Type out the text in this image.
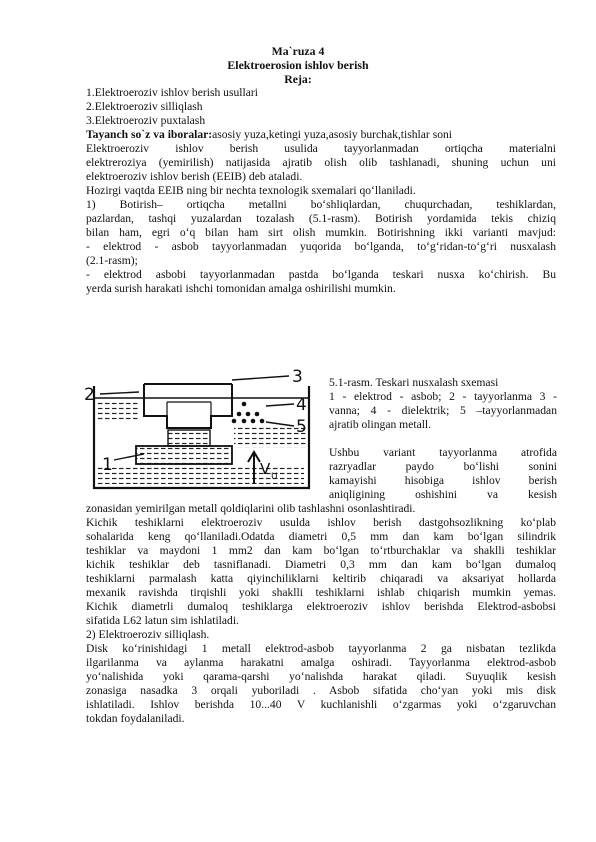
Ma`ruza 4
Elektroerosion ishlov berish
Reja:
1.Elektroeroziv ishlov berish usullari
2.Elektroeroziv silliqlash
3.Elektroeroziv puxtalash
Tayanch so`z va iboralar:asosiy yuza,ketingi yuza,asosiy burchak,tishlar soni
Elektroeroziv ishlov berish usulida tayyorlanmadan ortiqcha materialni
elektreroziya (yemirilish) natijasida ajratib olish olib tashlanadi, shuning uchun uni
elektroeroziv ishlov berish (EEIB) deb ataladi.
Hozirgi vaqtda EEIB ning bir nechta texnologik sxemalari qo‘llaniladi.
1) Botirish– ortiqcha metallni bo‘shliqlardan, chuqurchadan, teshiklardan,
pazlardan, tashqi yuzalardan tozalash (5.1-rasm). Botirish yordamida tekis chiziq
bilan ham, egri o‘q bilan ham sirt olish mumkin. Botirishning ikki varianti mavjud:
- elektrod - asbob tayyorlanmadan yuqorida bo‘lganda, to‘g‘ridan-to‘g‘ri nusxalash
(2.1-rasm);
- elektrod asbobi tayyorlanmadan pastda bo‘lganda teskari nusxa ko‘chirish. Bu
yerda surish harakati ishchi tomonidan amalga oshirilishi mumkin.
V U
2
1
3
4
5
5.1-rasm. Teskari nusxalash sxemasi
1 - elektrod - asbob; 2 - tayyorlanma 3 -
vanna; 4 - dielektrik; 5 –tayyorlanmadan
ajratib olingan metall.
Ushbu variant tayyorlanma atrofida
razryadlar paydo bo‘lishi sonini
kamayishi hisobiga ishlov berish
aniqligining oshishini va kesish
zonasidan yemirilgan metall qoldiqlarini olib tashlashni osonlashtiradi.
Kichik teshiklarni elektroeroziv usulda ishlov berish dastgohsozlikning ko‘plab
sohalarida keng qo‘llaniladi.Odatda diametri 0,5 mm dan kam bo‘lgan silindrik
teshiklar va maydoni 1 mm2 dan kam bo‘lgan to‘rtburchaklar va shaklli teshiklar
kichik teshiklar deb tasniflanadi. Diametri 0,3 mm dan kam bo‘lgan dumaloq
teshiklarni parmalash katta qiyinchiliklarni keltirib chiqaradi va aksariyat hollarda
mexanik ravishda tirqishli yoki shaklli teshiklarni ishlab chiqarish mumkin yemas.
Kichik diametrli dumaloq teshiklarga elektroeroziv ishlov berishda Elektrod-asbobsi
sifatida L62 latun sim ishlatiladi.
2) Elektroeroziv silliqlash.
Disk ko‘rinishidagi 1 metall elektrod-asbob tayyorlanma 2 ga nisbatan tezlikda
ilgarilanma va aylanma harakatni amalga oshiradi. Tayyorlanma elektrod-asbob
yo‘nalishida yoki qarama-qarshi yo‘nalishda harakat qiladi. Suyuqlik kesish
zonasiga nasadka 3 orqali yuboriladi . Asbob sifatida cho‘yan yoki mis disk
ishlatiladi. Ishlov berishda 10...40 V kuchlanishli o‘zgarmas yoki o‘zgaruvchan
tokdan foydalaniladi.
